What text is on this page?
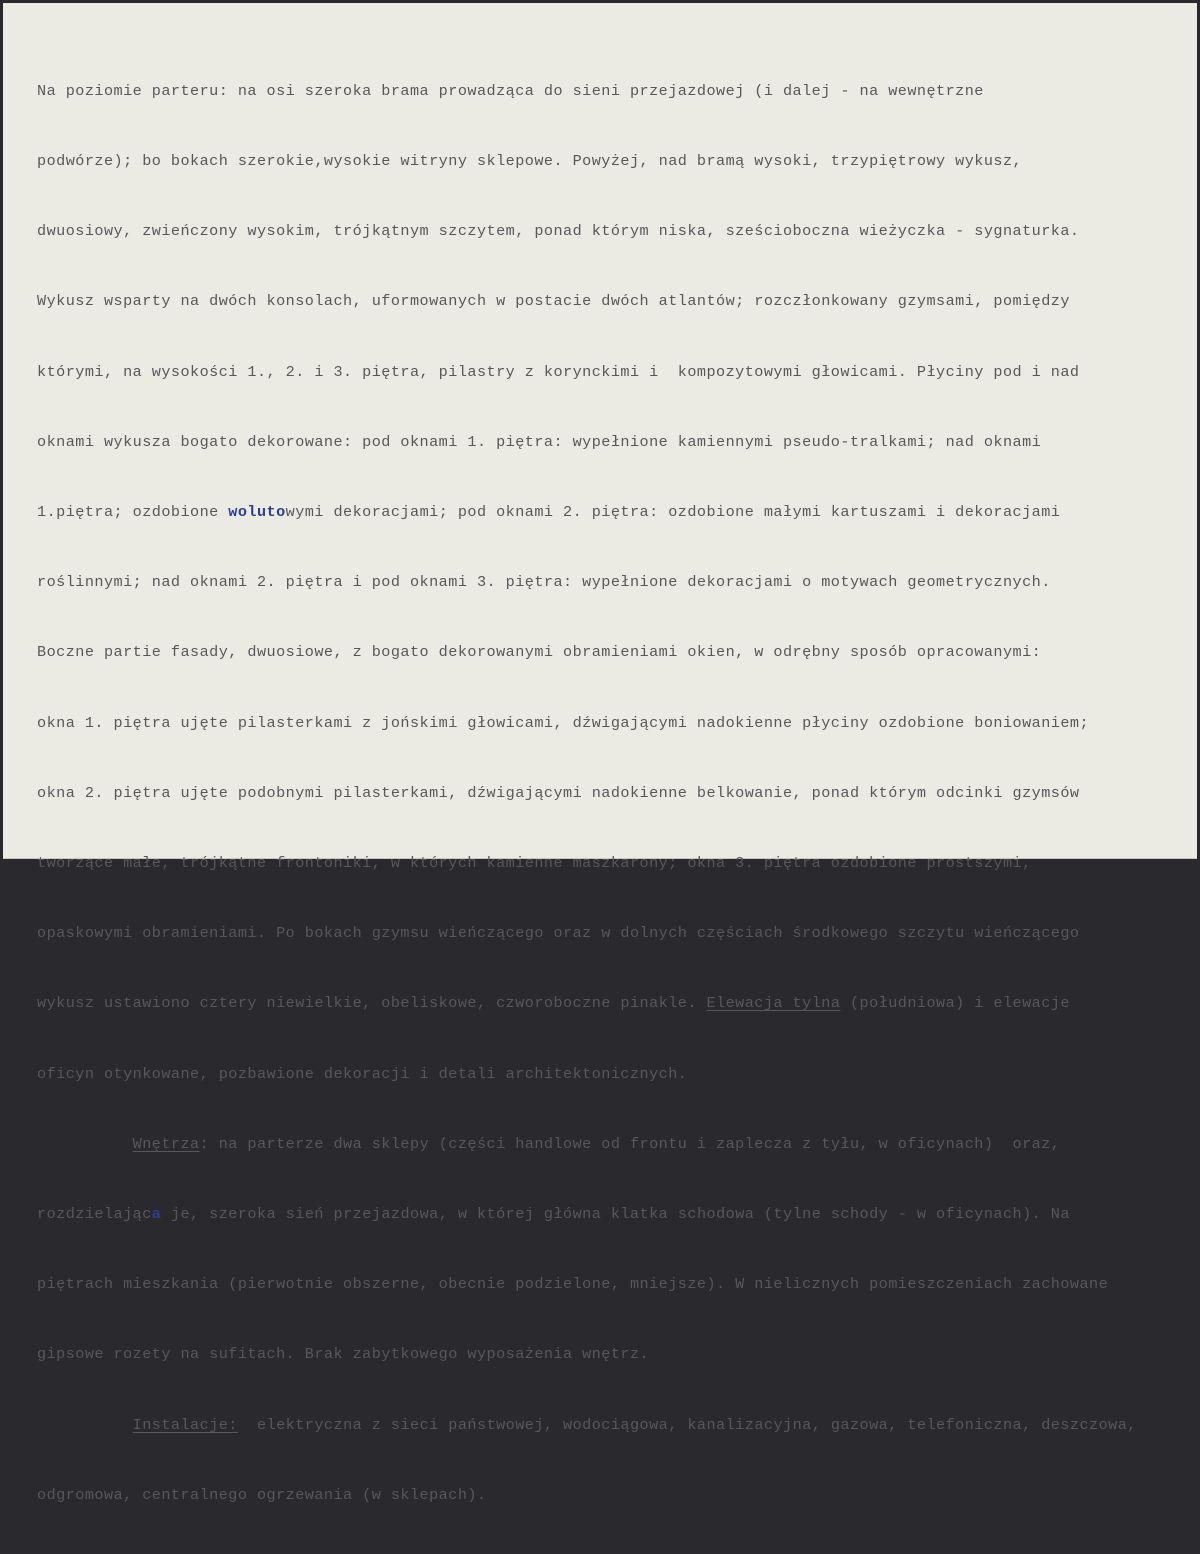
Na poziomie parteru: na osi szeroka brama prowadząca do sieni przejazdowej (i dalej - na wewnętrzne

podwórze); bo bokach szerokie,wysokie witryny sklepowe. Powyżej, nad bramą wysoki, trzypiętrowy wykusz,

dwuosiowy, zwieńczony wysokim, trójkątnym szczytem, ponad którym niska, sześcioboczna wieżyczka - sygnaturka.

Wykusz wsparty na dwóch konsolach, uformowanych w postacie dwóch atlantów; rozczłonkowany gzymsami, pomiędzy

którymi, na wysokości 1., 2. i 3. piętra, pilastry z korynckimi i  kompozytowymi głowicami. Płyciny pod i nad

oknami wykusza bogato dekorowane: pod oknami 1. piętra: wypełnione kamiennymi pseudo-tralkami; nad oknami

1.piętra; ozdobione wolutowymi dekoracjami; pod oknami 2. piętra: ozdobione małymi kartuszami i dekoracjami

roślinnymi; nad oknami 2. piętra i pod oknami 3. piętra: wypełnione dekoracjami o motywach geometrycznych.

Boczne partie fasady, dwuosiowe, z bogato dekorowanymi obramieniami okien, w odrębny sposób opracowanymi:

okna 1. piętra ujęte pilasterkami z jońskimi głowicami, dźwigającymi nadokienne płyciny ozdobione boniowaniem;

okna 2. piętra ujęte podobnymi pilasterkami, dźwigającymi nadokienne belkowanie, ponad którym odcinki gzymsów

tworzące małe, trójkątne frontoniki, w których kamienne maszkarony; okna 3. piętra ozdobione prostszymi,

opaskowymi obramieniami. Po bokach gzymsu wieńczącego oraz w dolnych częściach środkowego szczytu wieńczącego

wykusz ustawiono cztery niewielkie, obeliskowe, czworoboczne pinakle. Elewacja tylna (południowa) i elewacje

oficyn otynkowane, pozbawione dekoracji i detali architektonicznych.

Wnętrza: na parterze dwa sklepy (części handlowe od frontu i zaplecza z tyłu, w oficynach)  oraz,

rozdzielająca je, szeroka sień przejazdowa, w której główna klatka schodowa (tylne schody - w oficynach). Na

piętrach mieszkania (pierwotnie obszerne, obecnie podzielone, mniejsze). W nielicznych pomieszczeniach zachowane

gipsowe rozety na sufitach. Brak zabytkowego wyposażenia wnętrz.

Instalacje:  elektryczna z sieci państwowej, wodociągowa, kanalizacyjna, gazowa, telefoniczna, deszczowa,

odgromowa, centralnego ogrzewania (w sklepach).
